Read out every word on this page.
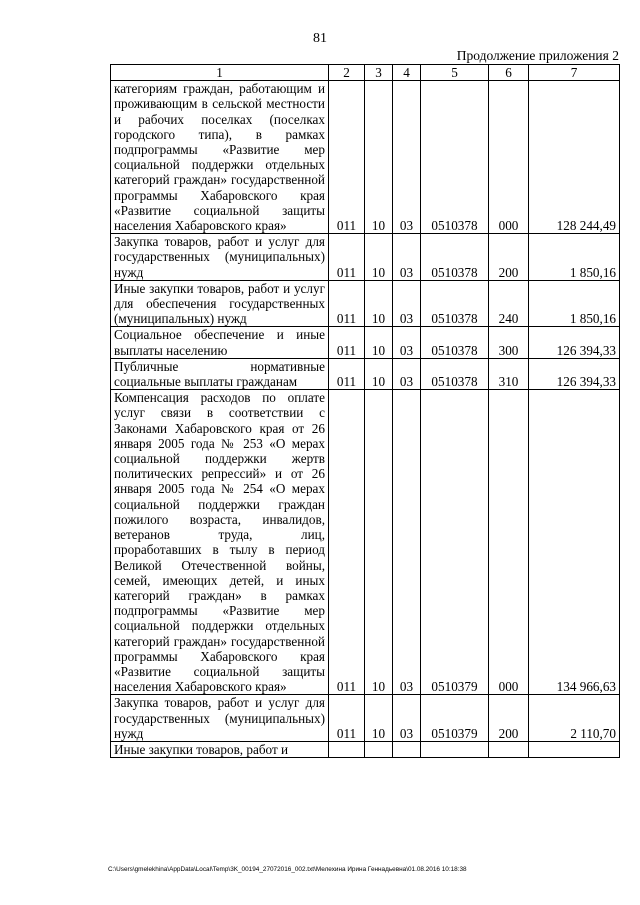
81
Продолжение приложения 2
1	2	3	4	5	6	7

категориям граждан, работающим и проживающим в сельской местности и рабочих поселках (поселках городского типа), в рамках подпрограммы «Развитие мер социальной поддержки отдельных категорий граждан» государственной программы Хабаровского края «Развитие социальной защиты населения Хабаровского края»	011	10	03	0510378	000	128 244,49

Закупка товаров, работ и услуг для государственных (муниципальных) нужд	011	10	03	0510378	200	1 850,16

Иные закупки товаров, работ и услуг для обеспечения государственных (муниципальных) нужд	011	10	03	0510378	240	1 850,16

Социальное обеспечение и иные выплаты населению	011	10	03	0510378	300	126 394,33

Публичные нормативные социальные выплаты гражданам	011	10	03	0510378	310	126 394,33

Компенсация расходов по оплате услуг связи в соответствии с Законами Хабаровского края от 26 января 2005 года № 253 «О мерах социальной поддержки жертв политических репрессий» и от 26 января 2005 года № 254 «О мерах социальной поддержки граждан пожилого возраста, инвалидов, ветеранов труда, лиц, проработавших в тылу в период Великой Отечественной войны, семей, имеющих детей, и иных категорий граждан» в рамках подпрограммы «Развитие мер социальной поддержки отдельных категорий граждан» государственной программы Хабаровского края «Развитие социальной защиты населения Хабаровского края»	011	10	03	0510379	000	134 966,63

Закупка товаров, работ и услуг для государственных (муниципальных) нужд	011	10	03	0510379	200	2 110,70

Иные закупки товаров, работ и						

C:\Users\gmelekhina\AppData\Local\Temp\3K_00194_27072016_002.txt\Мелехина Ирина Геннадьевна\01.08.2016 10:18:38
